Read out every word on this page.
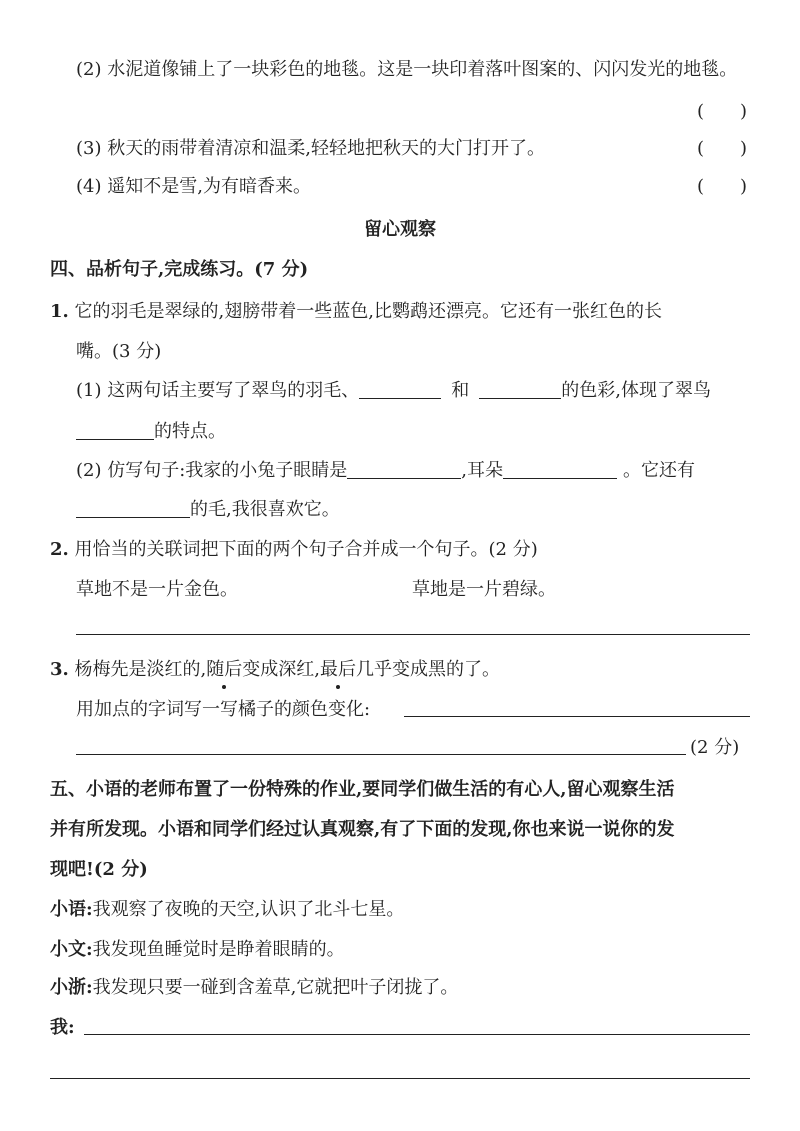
(2) 水泥道像铺上了一块彩色的地毯。这是一块印着落叶图案的、闪闪发光的地毯。
(　　)
(3) 秋天的雨带着清凉和温柔,轻轻地把秋天的大门打开了。	(　　)
(4) 遥知不是雪,为有暗香来。	(　　)
留心观察
四、品析句子,完成练习。(7 分)
1. 它的羽毛是翠绿的,翅膀带着一些蓝色,比鹦鹉还漂亮。它还有一张红色的长
嘴。(3 分)
(1) 这两句话主要写了翠鸟的羽毛、	和	的色彩,体现了翠鸟
的特点。
(2) 仿写句子:我家的小兔子眼睛是	,耳朵	。它还有
的毛,我很喜欢它。
2. 用恰当的关联词把下面的两个句子合并成一个句子。(2 分)
草地不是一片金色。	草地是一片碧绿。
3. 杨梅先是淡红的,随后变成深红,最后几乎变成黑的了。
用加点的字词写一写橘子的颜色变化:
(2 分)
五、小语的老师布置了一份特殊的作业,要同学们做生活的有心人,留心观察生活
并有所发现。小语和同学们经过认真观察,有了下面的发现,你也来说一说你的发
现吧!(2 分)
小语:我观察了夜晚的天空,认识了北斗七星。
小文:我发现鱼睡觉时是睁着眼睛的。
小浙:我发现只要一碰到含羞草,它就把叶子闭拢了。
我:
